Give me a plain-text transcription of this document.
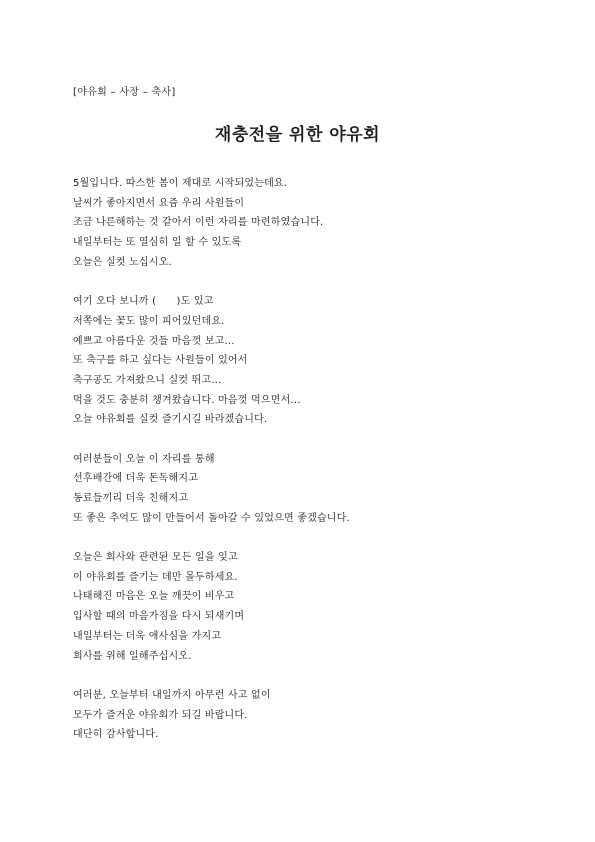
[야유회 – 사장 – 축사]
재충전을 위한 야유회
5월입니다. 따스한 봄이 제대로 시작되었는데요.
날씨가 좋아지면서 요즘 우리 사원들이
조금 나른해하는 것 같아서 이런 자리를 마련하였습니다.
내일부터는 또 열심히 일 할 수 있도록
오늘은 실컷 노십시오.
여기 오다 보니까 (      )도 있고
저쪽에는 꽃도 많이 피어있던데요.
예쁘고 아름다운 것들 마음껏 보고...
또 축구를 하고 싶다는 사원들이 있어서
축구공도 가져왔으니 실컷 뛰고...
먹을 것도 충분히 챙겨왔습니다. 마음껏 먹으면서...
오늘 야유회를 실컷 즐기시길 바라겠습니다.
여러분들이 오늘 이 자리를 통해
선후배간에 더욱 돈독해지고
동료들끼리 더욱 친해지고
또 좋은 추억도 많이 만들어서 돌아갈 수 있었으면 좋겠습니다.
오늘은 회사와 관련된 모든 일을 잊고
이 야유회를 즐기는 데만 몰두하세요.
나태해진 마음은 오늘 깨끗이 비우고
입사할 때의 마음가짐을 다시 되새기며
내일부터는 더욱 애사심을 가지고
회사를 위해 일해주십시오.
여러분, 오늘부터 내일까지 아무런 사고 없이
모두가 즐거운 야유회가 되길 바랍니다.
대단히 감사합니다.
